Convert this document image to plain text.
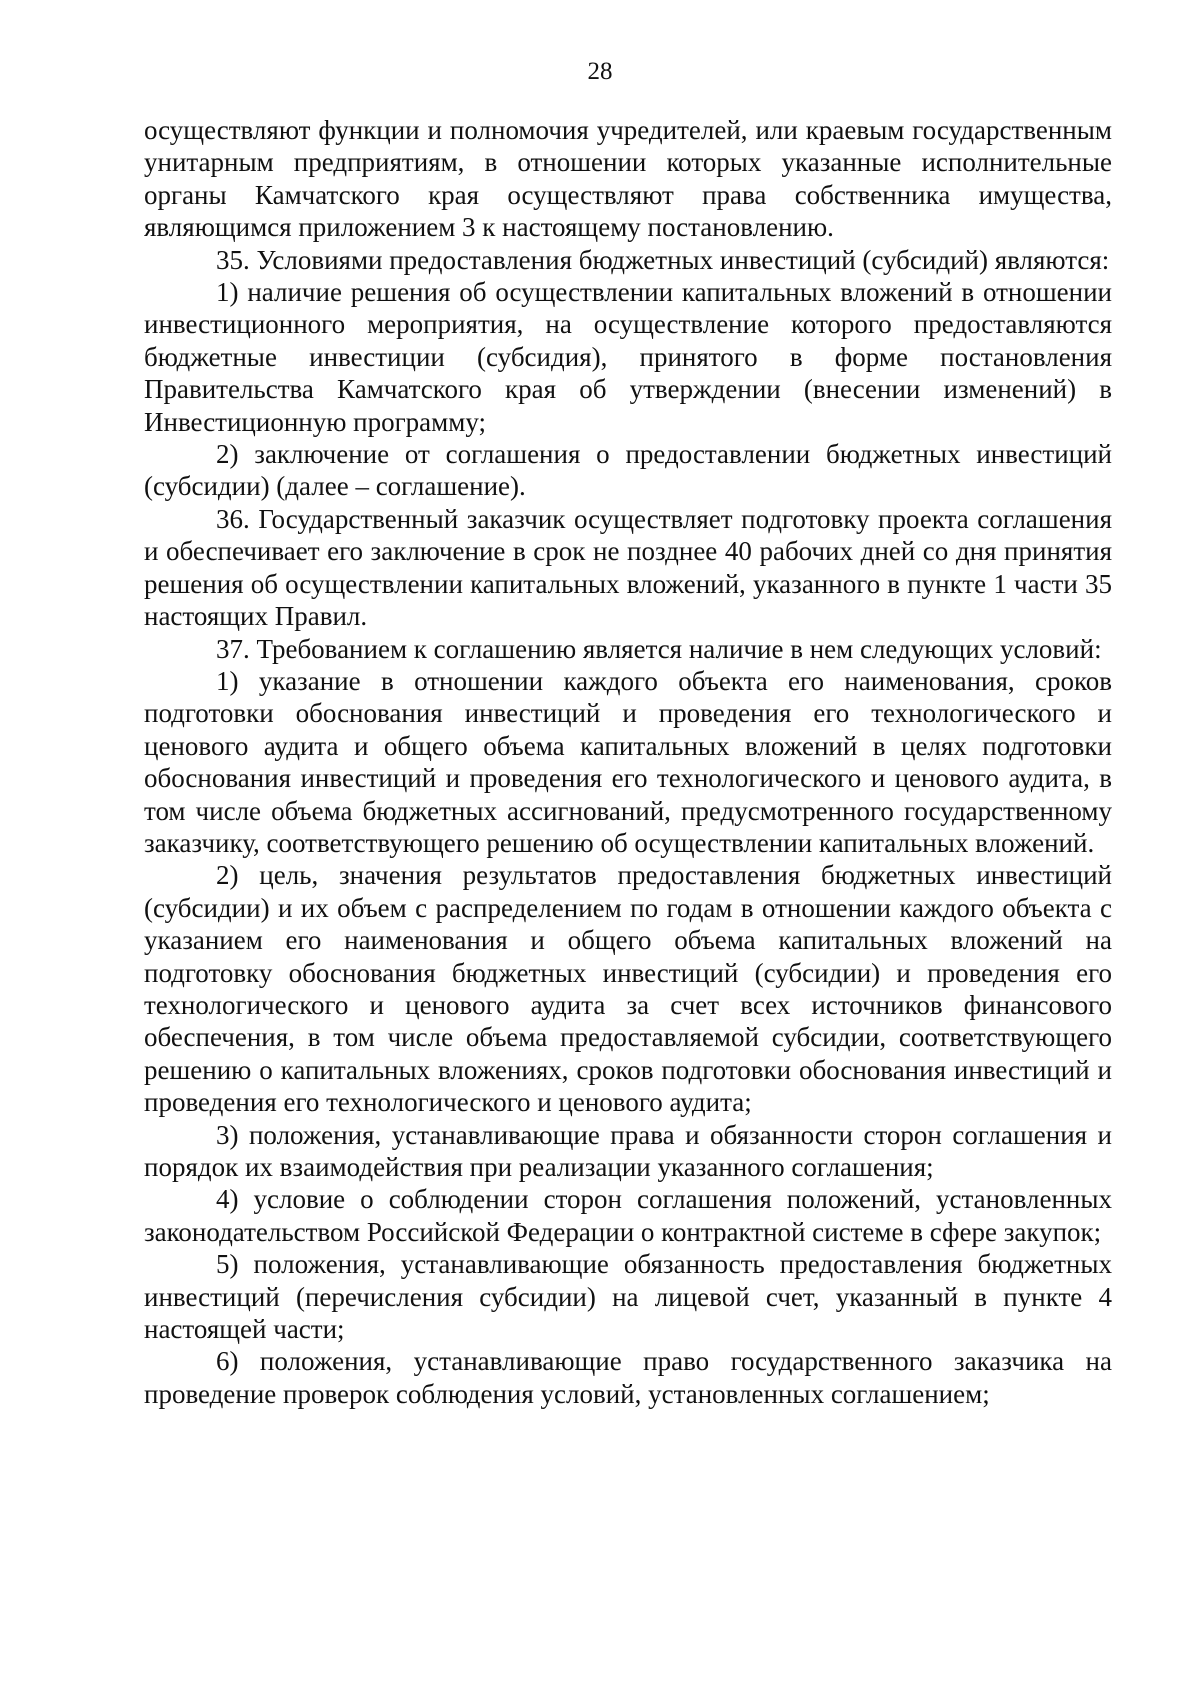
28

осуществляют функции и полномочия учредителей, или краевым государственным унитарным предприятиям, в отношении которых указанные исполнительные органы Камчатского края осуществляют права собственника имущества, являющимся приложением 3 к настоящему постановлению.

35. Условиями предоставления бюджетных инвестиций (субсидий) являются:

1) наличие решения об осуществлении капитальных вложений в отношении инвестиционного мероприятия, на осуществление которого предоставляются бюджетные инвестиции (субсидия), принятого в форме постановления Правительства Камчатского края об утверждении (внесении изменений) в Инвестиционную программу;

2) заключение от соглашения о предоставлении бюджетных инвестиций (субсидии) (далее – соглашение).

36. Государственный заказчик осуществляет подготовку проекта соглашения и обеспечивает его заключение в срок не позднее 40 рабочих дней со дня принятия решения об осуществлении капитальных вложений, указанного в пункте 1 части 35 настоящих Правил.

37. Требованием к соглашению является наличие в нем следующих условий:

1) указание в отношении каждого объекта его наименования, сроков подготовки обоснования инвестиций и проведения его технологического и ценового аудита и общего объема капитальных вложений в целях подготовки обоснования инвестиций и проведения его технологического и ценового аудита, в том числе объема бюджетных ассигнований, предусмотренного государственному заказчику, соответствующего решению об осуществлении капитальных вложений.

2) цель, значения результатов предоставления бюджетных инвестиций (субсидии) и их объем с распределением по годам в отношении каждого объекта с указанием его наименования и общего объема капитальных вложений на подготовку обоснования бюджетных инвестиций (субсидии) и проведения его технологического и ценового аудита за счет всех источников финансового обеспечения, в том числе объема предоставляемой субсидии, соответствующего решению о капитальных вложениях, сроков подготовки обоснования инвестиций и проведения его технологического и ценового аудита;

3) положения, устанавливающие права и обязанности сторон соглашения и порядок их взаимодействия при реализации указанного соглашения;

4) условие о соблюдении сторон соглашения положений, установленных законодательством Российской Федерации о контрактной системе в сфере закупок;

5) положения, устанавливающие обязанность предоставления бюджетных инвестиций (перечисления субсидии) на лицевой счет, указанный в пункте 4 настоящей части;

6) положения, устанавливающие право государственного заказчика на проведение проверок соблюдения условий, установленных соглашением;
